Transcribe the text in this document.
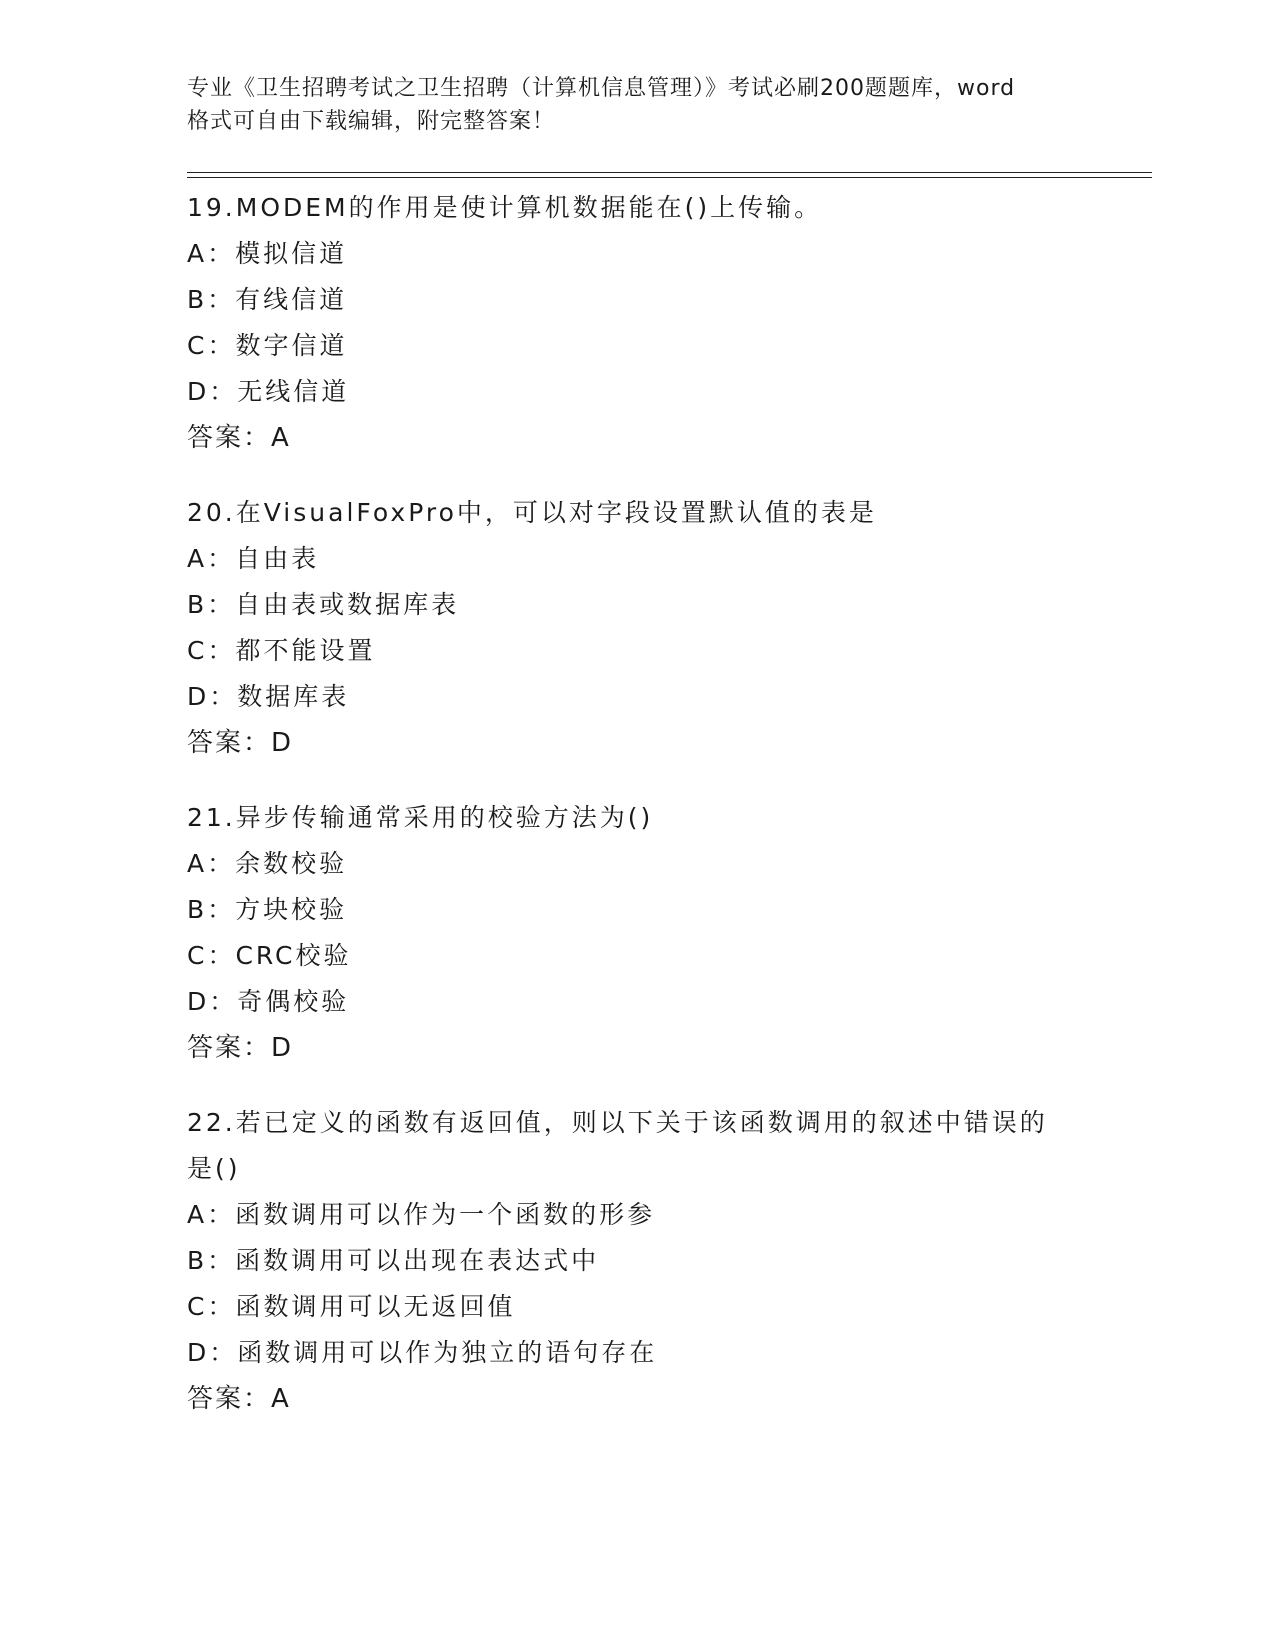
专业《卫生招聘考试之卫生招聘（计算机信息管理）》考试必刷200题题库，word
格式可自由下载编辑，附完整答案！
19.MODEM的作用是使计算机数据能在()上传输。
A：模拟信道
B：有线信道
C：数字信道
D：无线信道
答案：A
20.在VisualFoxPro中，可以对字段设置默认值的表是
A：自由表
B：自由表或数据库表
C：都不能设置
D：数据库表
答案：D
21.异步传输通常采用的校验方法为()
A：余数校验
B：方块校验
C：CRC校验
D：奇偶校验
答案：D
22.若已定义的函数有返回值，则以下关于该函数调用的叙述中错误的
是()
A：函数调用可以作为一个函数的形参
B：函数调用可以出现在表达式中
C：函数调用可以无返回值
D：函数调用可以作为独立的语句存在
答案：A
